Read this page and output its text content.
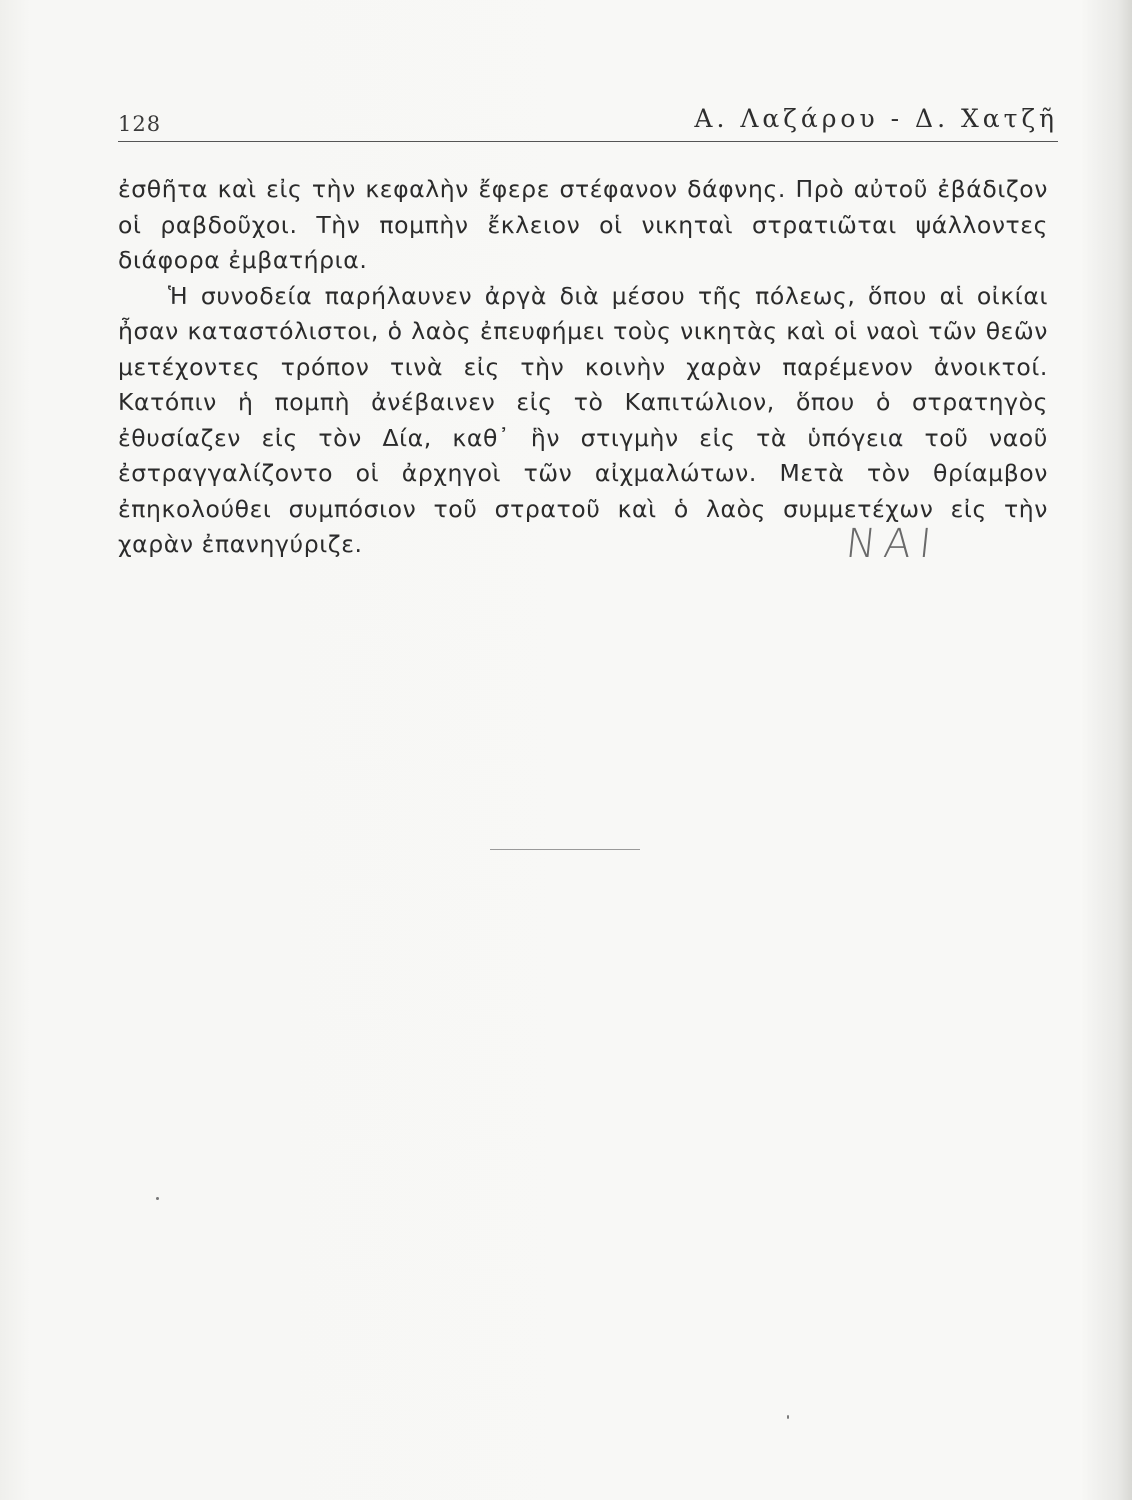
128	Α. Λαζάρου - Δ. Χατζῆ

ἐσθῆτα καὶ εἰς τὴν κεφαλὴν ἔφερε στέφανον δάφνης. Πρὸ αὐτοῦ ἐβάδιζον οἱ ραβδοῦχοι. Τὴν πομπὴν ἔκλειον οἱ νικηταὶ στρατιῶται ψάλλοντες διάφορα ἐμβατήρια.

Ἡ συνοδεία παρήλαυνεν ἀργὰ διὰ μέσου τῆς πόλεως, ὅπου αἱ οἰκίαι ἦσαν καταστόλιστοι, ὁ λαὸς ἐπευφήμει τοὺς νικητὰς καὶ οἱ ναοὶ τῶν θεῶν μετέχοντες τρόπον τινὰ εἰς τὴν κοινὴν χαρὰν παρέμενον ἀνοικτοί. Κατόπιν ἡ πομπὴ ἀνέβαινεν εἰς τὸ Καπιτώλιον, ὅπου ὁ στρατηγὸς ἐθυσίαζεν εἰς τὸν Δία, καθ᾽ ἣν στιγμὴν εἰς τὰ ὑπόγεια τοῦ ναοῦ ἐστραγγαλίζοντο οἱ ἀρχηγοὶ τῶν αἰχμαλώτων. Μετὰ τὸν θρίαμβον ἐπηκολούθει συμπόσιον τοῦ στρατοῦ καὶ ὁ λαὸς συμμετέχων εἰς τὴν χαρὰν ἐπανηγύριζε.	ΝΑΙ
